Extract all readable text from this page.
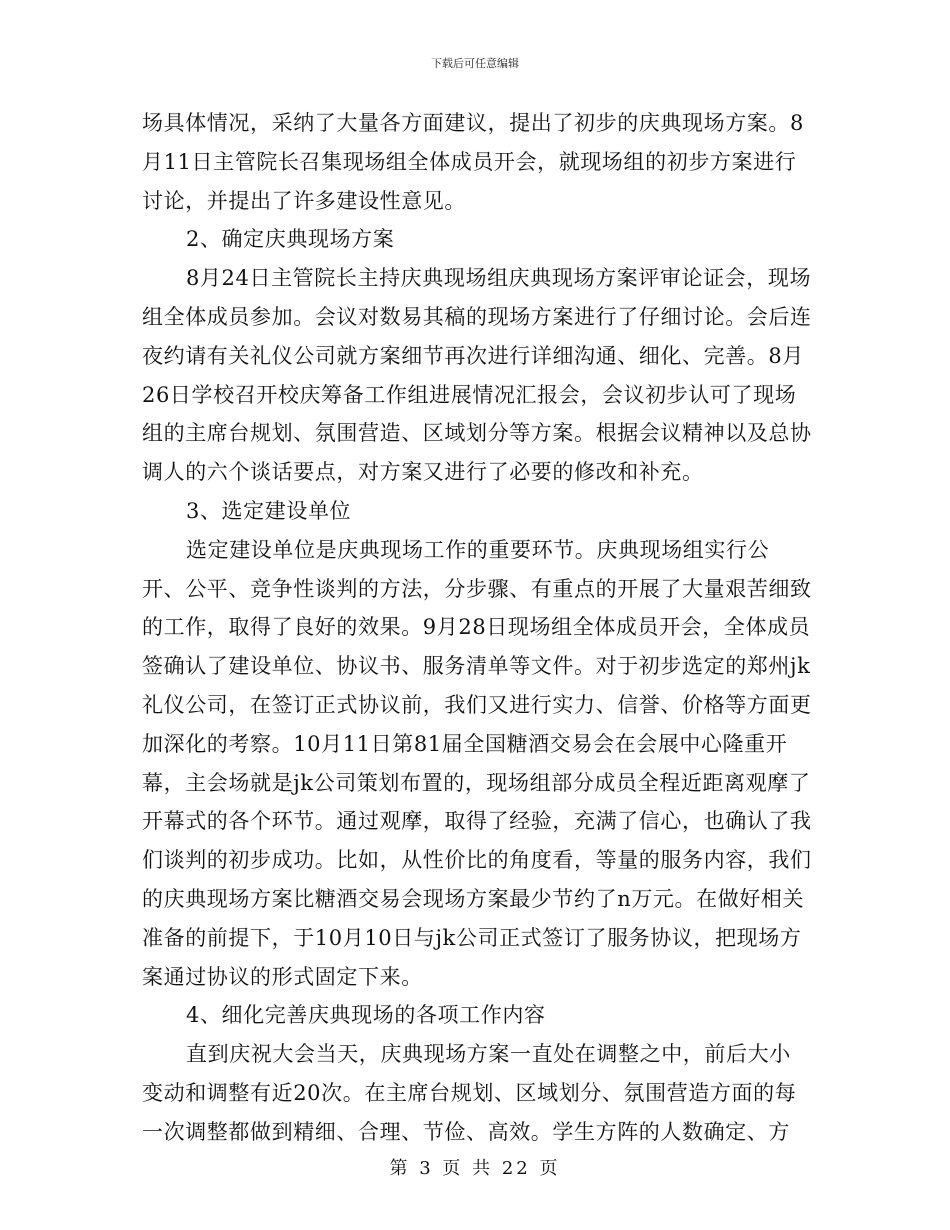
下载后可任意编辑

场具体情况，采纳了大量各方面建议，提出了初步的庆典现场方案。8月11日主管院长召集现场组全体成员开会，就现场组的初步方案进行讨论，并提出了许多建设性意见。

2、确定庆典现场方案

8月24日主管院长主持庆典现场组庆典现场方案评审论证会，现场组全体成员参加。会议对数易其稿的现场方案进行了仔细讨论。会后连夜约请有关礼仪公司就方案细节再次进行详细沟通、细化、完善。8月26日学校召开校庆筹备工作组进展情况汇报会，会议初步认可了现场组的主席台规划、氛围营造、区域划分等方案。根据会议精神以及总协调人的六个谈话要点，对方案又进行了必要的修改和补充。

3、选定建设单位

选定建设单位是庆典现场工作的重要环节。庆典现场组实行公开、公平、竞争性谈判的方法，分步骤、有重点的开展了大量艰苦细致的工作，取得了良好的效果。9月28日现场组全体成员开会，全体成员签确认了建设单位、协议书、服务清单等文件。对于初步选定的郑州jk礼仪公司，在签订正式协议前，我们又进行实力、信誉、价格等方面更加深化的考察。10月11日第81届全国糖酒交易会在会展中心隆重开幕，主会场就是jk公司策划布置的，现场组部分成员全程近距离观摩了开幕式的各个环节。通过观摩，取得了经验，充满了信心，也确认了我们谈判的初步成功。比如，从性价比的角度看，等量的服务内容，我们的庆典现场方案比糖酒交易会现场方案最少节约了n万元。在做好相关准备的前提下，于10月10日与jk公司正式签订了服务协议，把现场方案通过协议的形式固定下来。

4、细化完善庆典现场的各项工作内容

直到庆祝大会当天，庆典现场方案一直处在调整之中，前后大小变动和调整有近20次。在主席台规划、区域划分、氛围营造方面的每一次调整都做到精细、合理、节俭、高效。学生方阵的人数确定、方

第 3 页 共 22 页
